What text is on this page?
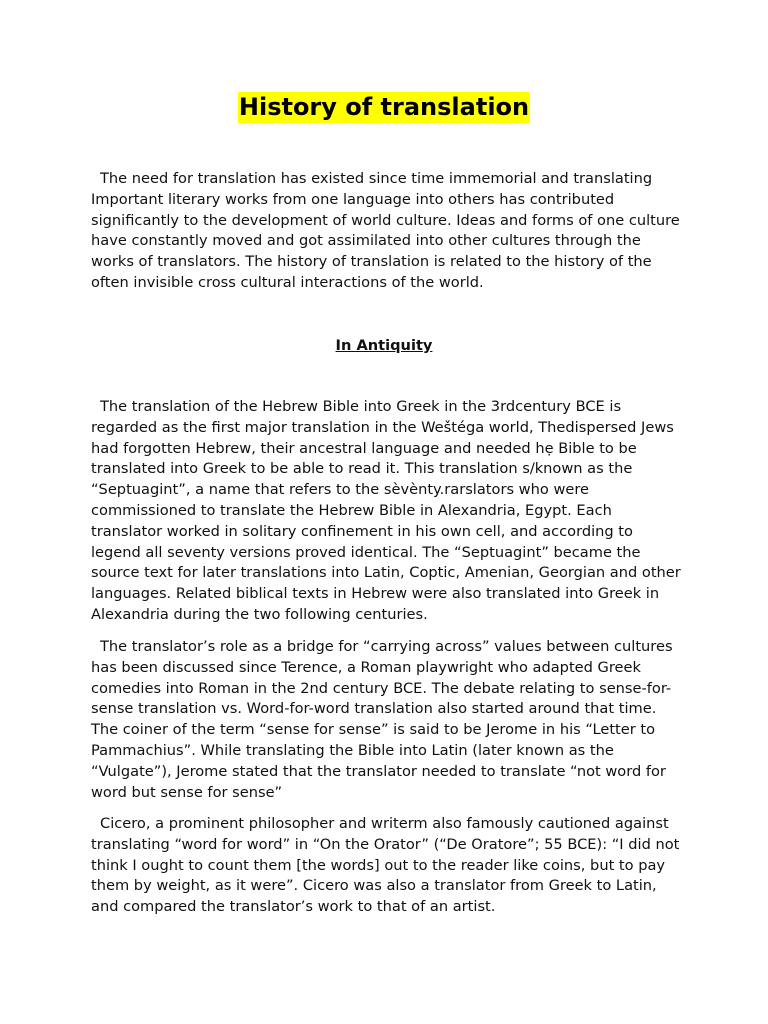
History of translation

The need for translation has existed since time immemorial and translating Important literary works from one language into others has contributed significantly to the development of world culture. Ideas and forms of one culture have constantly moved and got assimilated into other cultures through the works of translators. The history of translation is related to the history of the often invisible cross cultural interactions of the world.

In Antiquity

The translation of the Hebrew Bible into Greek in the 3rdcentury BCE is regarded as the first major translation in the Weštéga world, Thedispersed Jews had forgotten Hebrew, their ancestral language and needed hẹ Bible to be translated into Greek to be able to read it. This translation s/known as the “Septuagint”, a name that refers to the sèvènty.rarslators who were commissioned to translate the Hebrew Bible in Alexandria, Egypt. Each translator worked in solitary confinement in his own cell, and according to legend all seventy versions proved identical. The “Septuagint” became the source text for later translations into Latin, Coptic, Amenian, Georgian and other languages. Related biblical texts in Hebrew were also translated into Greek in Alexandria during the two following centuries.

The translator’s role as a bridge for “carrying across” values between cultures has been discussed since Terence, a Roman playwright who adapted Greek comedies into Roman in the 2nd century BCE. The debate relating to sense-for-sense translation vs. Word-for-word translation also started around that time. The coiner of the term “sense for sense” is said to be Jerome in his “Letter to Pammachius”. While translating the Bible into Latin (later known as the “Vulgate”), Jerome stated that the translator needed to translate “not word for word but sense for sense”

Cicero, a prominent philosopher and writerm also famously cautioned against translating “word for word” in “On the Orator” (“De Oratore”; 55 BCE): “I did not think I ought to count them [the words] out to the reader like coins, but to pay them by weight, as it were”. Cicero was also a translator from Greek to Latin, and compared the translator’s work to that of an artist.
